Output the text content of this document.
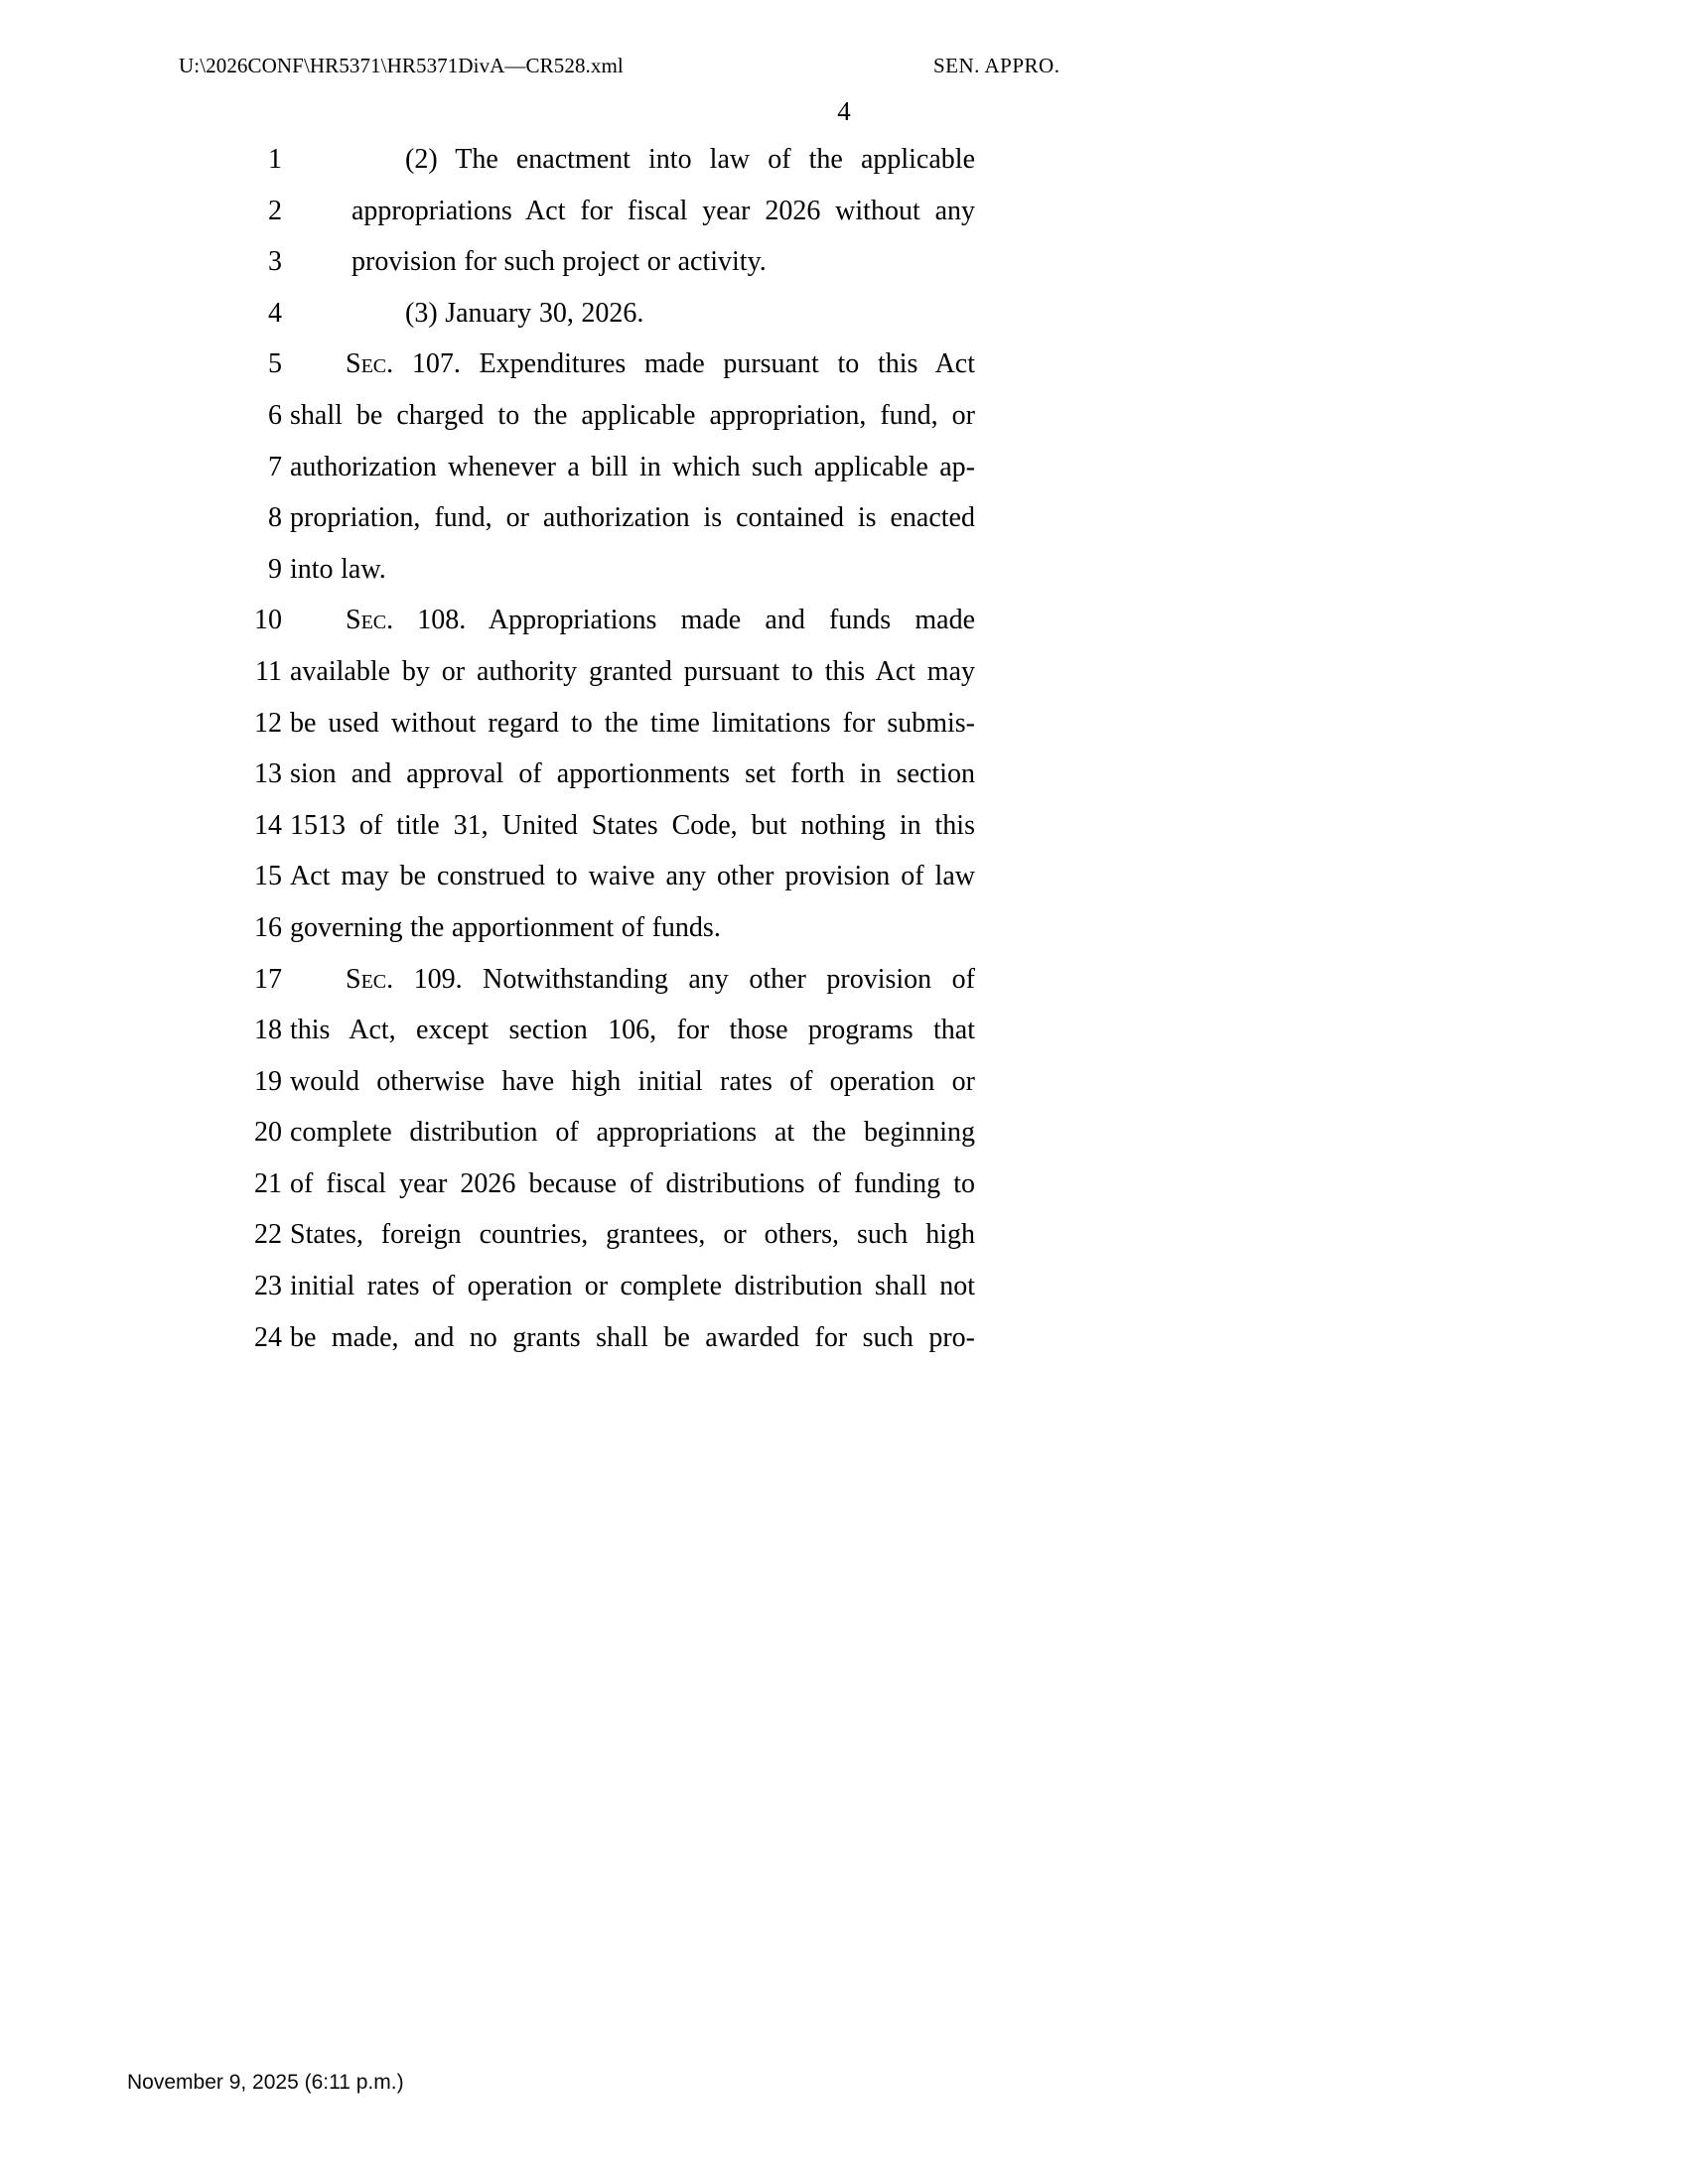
U:\2026CONF\HR5371\HR5371DivA—CR528.xml	SEN. APPRO.
4
1	(2) The enactment into law of the applicable
2	appropriations Act for fiscal year 2026 without any
3	provision for such project or activity.
4	(3) January 30, 2026.
5	Sec. 107. Expenditures made pursuant to this Act
6 shall be charged to the applicable appropriation, fund, or
7 authorization whenever a bill in which such applicable ap-
8 propriation, fund, or authorization is contained is enacted
9 into law.
10	Sec. 108. Appropriations made and funds made
11 available by or authority granted pursuant to this Act may
12 be used without regard to the time limitations for submis-
13 sion and approval of apportionments set forth in section
14 1513 of title 31, United States Code, but nothing in this
15 Act may be construed to waive any other provision of law
16 governing the apportionment of funds.
17	Sec. 109. Notwithstanding any other provision of
18 this Act, except section 106, for those programs that
19 would otherwise have high initial rates of operation or
20 complete distribution of appropriations at the beginning
21 of fiscal year 2026 because of distributions of funding to
22 States, foreign countries, grantees, or others, such high
23 initial rates of operation or complete distribution shall not
24 be made, and no grants shall be awarded for such pro-
November 9, 2025 (6:11 p.m.)
